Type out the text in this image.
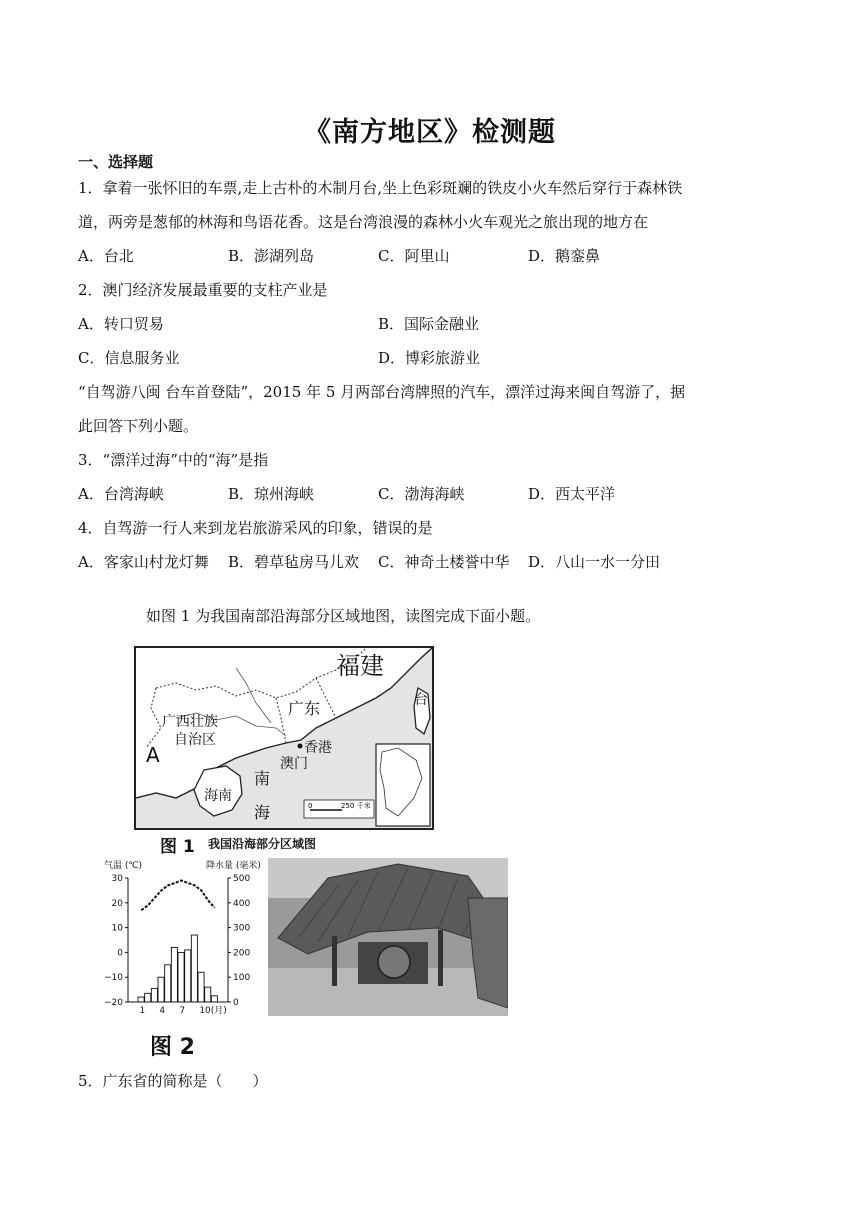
《南方地区》检测题
一、选择题
1．拿着一张怀旧的车票,走上古朴的木制月台,坐上色彩斑斓的铁皮小火车然后穿行于森林铁
道，两旁是葱郁的林海和鸟语花香。这是台湾浪漫的森林小火车观光之旅出现的地方在
A．台北	B．澎湖列岛	C．阿里山	D．鹅銮鼻
2．澳门经济发展最重要的支柱产业是
A．转口贸易	B．国际金融业
C．信息服务业	D．博彩旅游业
“自驾游八闽 台车首登陆”，2015 年 5 月两部台湾牌照的汽车，漂洋过海来闽自驾游了，据
此回答下列小题。
3．“漂洋过海”中的“海”是指
A．台湾海峡	B．琼州海峡	C．渤海海峡	D．西太平洋
4．自驾游一行人来到龙岩旅游采风的印象，错误的是
A．客家山村龙灯舞 B．碧草毡房马儿欢 C．神奇土楼誉中华 D．八山一水一分田
如图 1 为我国南部沿海部分区域地图，读图完成下面小题。
0	250 千米
福建
台
广西壮族
自治区
广东
香港
澳门
A
海南
南
海
图 1 我国沿海部分区域图
气温 (℃)	降水量 (毫米)
30
20
10
0
−10
−20
500
400
300
200
100
0
1 4 7 10(月)
图 2
5．广东省的简称是（　　）
